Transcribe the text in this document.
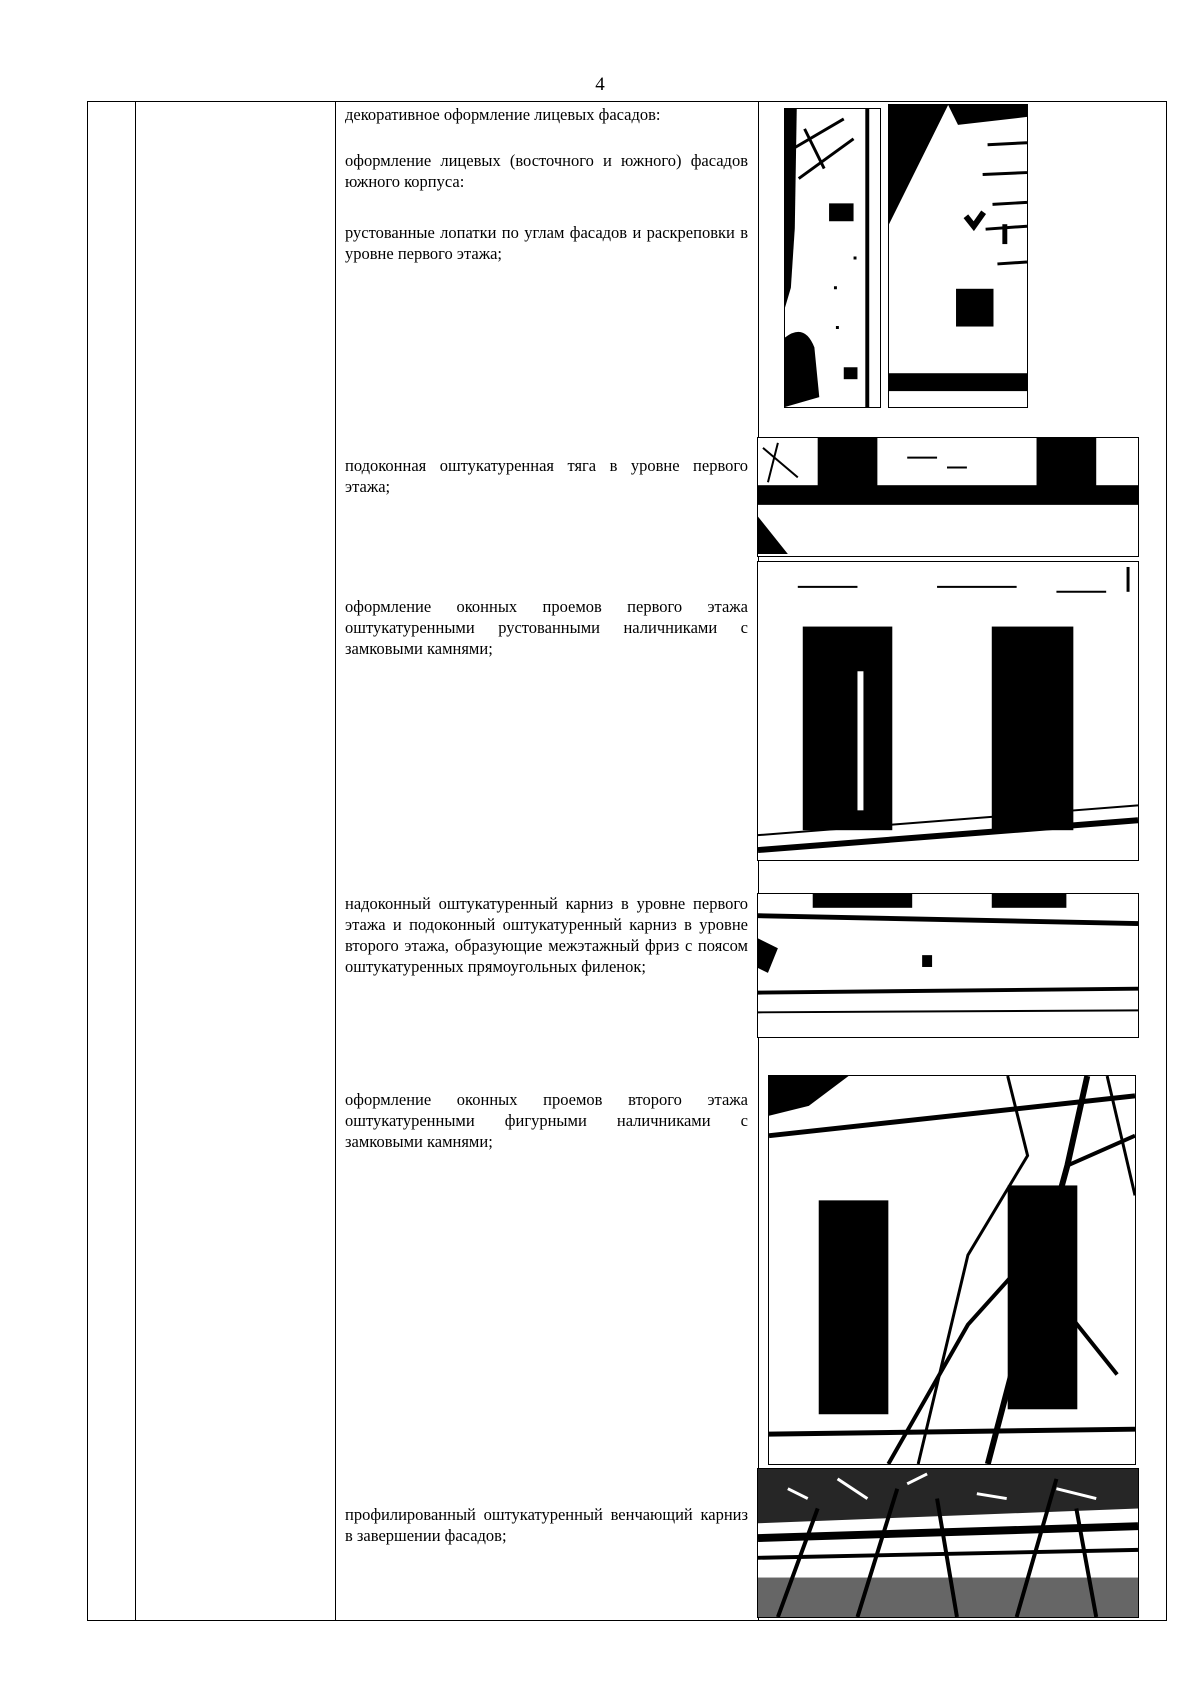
4

декоративное оформление лицевых фасадов:

оформление лицевых (восточного и южного) фасадов южного корпуса:

рустованные лопатки по углам фасадов и раскреповки в уровне первого этажа;

подоконная оштукатуренная тяга в уровне первого этажа;

оформление оконных проемов первого этажа оштукатуренными рустованными наличниками с замковыми камнями;

надоконный оштукатуренный карниз в уровне первого этажа и подоконный оштукатуренный карниз в уровне второго этажа, образующие межэтажный фриз с поясом оштукатуренных прямоугольных филенок;

оформление оконных проемов второго этажа оштукатуренными фигурными наличниками с замковыми камнями;

профилированный оштукатуренный венчающий карниз в завершении фасадов;
